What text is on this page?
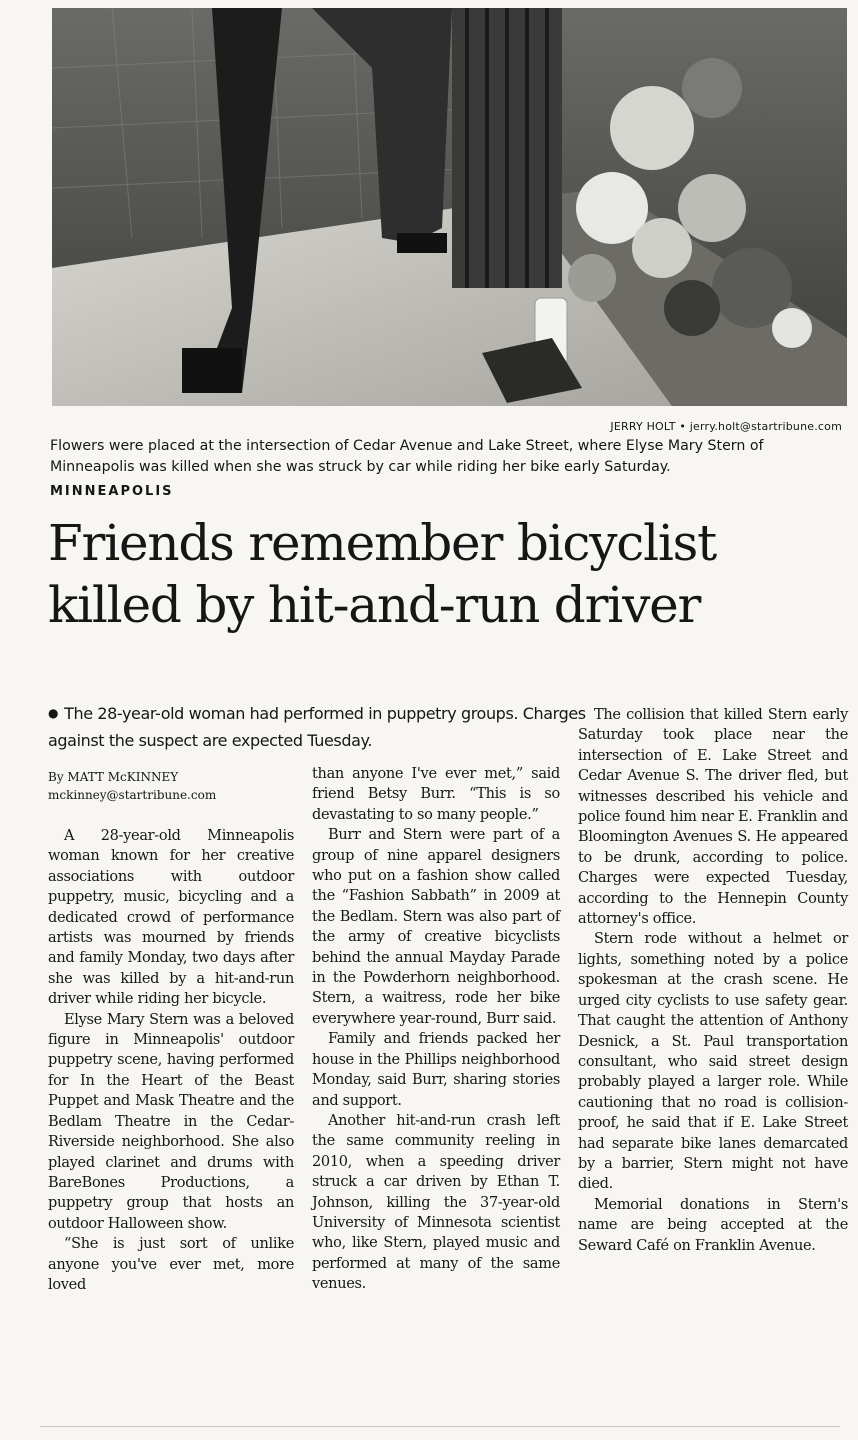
JERRY HOLT • jerry.holt@startribune.com
Flowers were placed at the intersection of Cedar Avenue and Lake Street, where Elyse Mary Stern of Minneapolis was killed when she was struck by car while riding her bike early Saturday.
MINNEAPOLIS
Friends remember bicyclist
killed by hit-and-run driver
● The 28-year-old woman had performed in puppetry groups. Charges against the suspect are expected Tuesday.
By MATT McKINNEY
mckinney@startribune.com

A 28-year-old Minneapolis woman known for her creative associations with outdoor puppetry, music, bicycling and a dedicated crowd of performance artists was mourned by friends and family Monday, two days after she was killed by a hit-and-run driver while riding her bicycle.

Elyse Mary Stern was a beloved figure in Minneapolis' outdoor puppetry scene, having performed for In the Heart of the Beast Puppet and Mask Theatre and the Bedlam Theatre in the Cedar-Riverside neighborhood. She also played clarinet and drums with BareBones Productions, a puppetry group that hosts an outdoor Halloween show.

“She is just sort of unlike anyone you've ever met, more loved

than anyone I've ever met,” said friend Betsy Burr. “This is so devastating to so many people.”

Burr and Stern were part of a group of nine apparel designers who put on a fashion show called the “Fashion Sabbath” in 2009 at the Bedlam. Stern was also part of the army of creative bicyclists behind the annual Mayday Parade in the Powderhorn neighborhood. Stern, a waitress, rode her bike everywhere year-round, Burr said.

Family and friends packed her house in the Phillips neighborhood Monday, said Burr, sharing stories and support.

Another hit-and-run crash left the same community reeling in 2010, when a speeding driver struck a car driven by Ethan T. Johnson, killing the 37-year-old University of Minnesota scientist who, like Stern, played music and performed at many of the same venues.

The collision that killed Stern early Saturday took place near the intersection of E. Lake Street and Cedar Avenue S. The driver fled, but witnesses described his vehicle and police found him near E. Franklin and Bloomington Avenues S. He appeared to be drunk, according to police. Charges were expected Tuesday, according to the Hennepin County attorney's office.

Stern rode without a helmet or lights, something noted by a police spokesman at the crash scene. He urged city cyclists to use safety gear. That caught the attention of Anthony Desnick, a St. Paul transportation consultant, who said street design probably played a larger role. While cautioning that no road is collision-proof, he said that if E. Lake Street had separate bike lanes demarcated by a barrier, Stern might not have died.

Memorial donations in Stern's name are being accepted at the Seward Café on Franklin Avenue.
